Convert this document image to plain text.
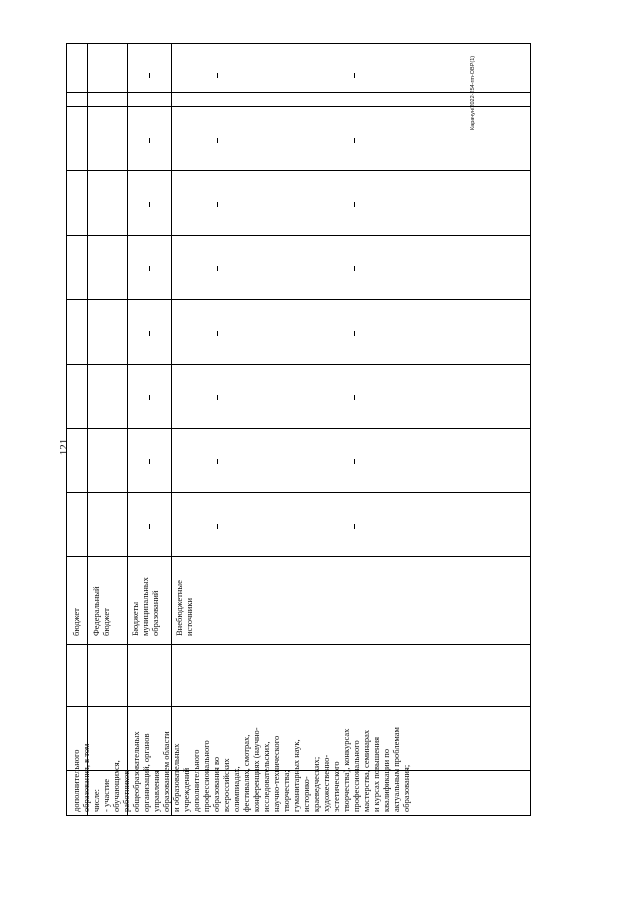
121
Карачун/2022-254-rm-OBP(1)
дополнительного
образования, в том
числе:
- участие
обучающихся,
работников
общеобразовательных
организаций, органов
управления
образованием области
и образовательных
учреждений
дополнительного
профессионального
образования во
всероссийских
олимпиадах,
фестивалях, смотрах,
конференциях (научно-
исследовательских,
научно-технического
творчества;
гуманитарных наук,
историко-
краеведческих;
художественно-
эстетического
творчества), конкурсах
профессионального
мастерства, семинарах
и курсах повышения
квалификации по
актуальным проблемам
образования;
бюджет Федеральный
бюджет Бюджеты
муниципальных
образований Внебюджетные
источники
